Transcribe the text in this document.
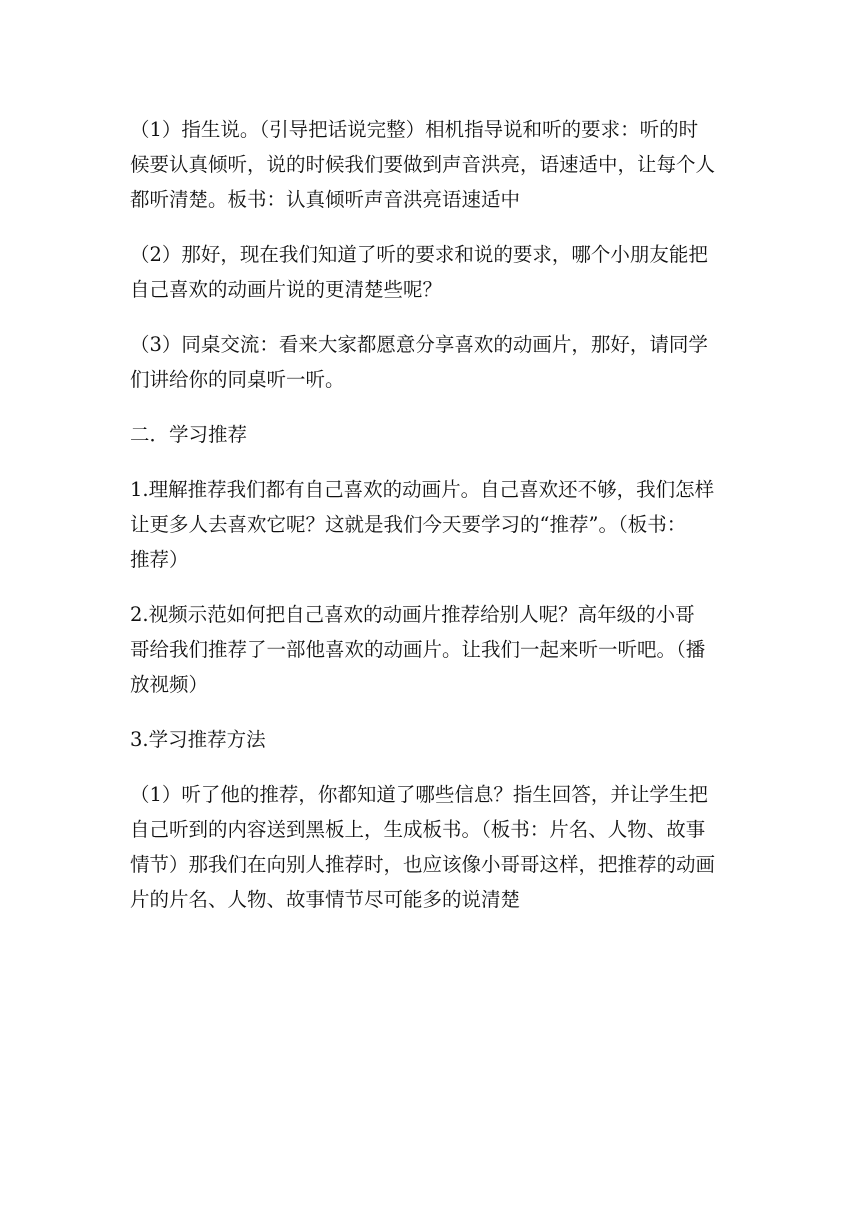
（1）指生说。（引导把话说完整）相机指导说和听的要求：听的时
候要认真倾听，说的时候我们要做到声音洪亮，语速适中，让每个人
都听清楚。板书：认真倾听声音洪亮语速适中
（2）那好，现在我们知道了听的要求和说的要求，哪个小朋友能把
自己喜欢的动画片说的更清楚些呢？
（3）同桌交流：看来大家都愿意分享喜欢的动画片，那好，请同学
们讲给你的同桌听一听。
二．学习推荐
1.理解推荐我们都有自己喜欢的动画片。自己喜欢还不够，我们怎样
让更多人去喜欢它呢？这就是我们今天要学习的“推荐”。（板书：
推荐）
2.视频示范如何把自己喜欢的动画片推荐给别人呢？高年级的小哥
哥给我们推荐了一部他喜欢的动画片。让我们一起来听一听吧。（播
放视频）
3.学习推荐方法
（1）听了他的推荐，你都知道了哪些信息？指生回答，并让学生把
自己听到的内容送到黑板上，生成板书。（板书：片名、人物、故事
情节）那我们在向别人推荐时，也应该像小哥哥这样，把推荐的动画
片的片名、人物、故事情节尽可能多的说清楚
